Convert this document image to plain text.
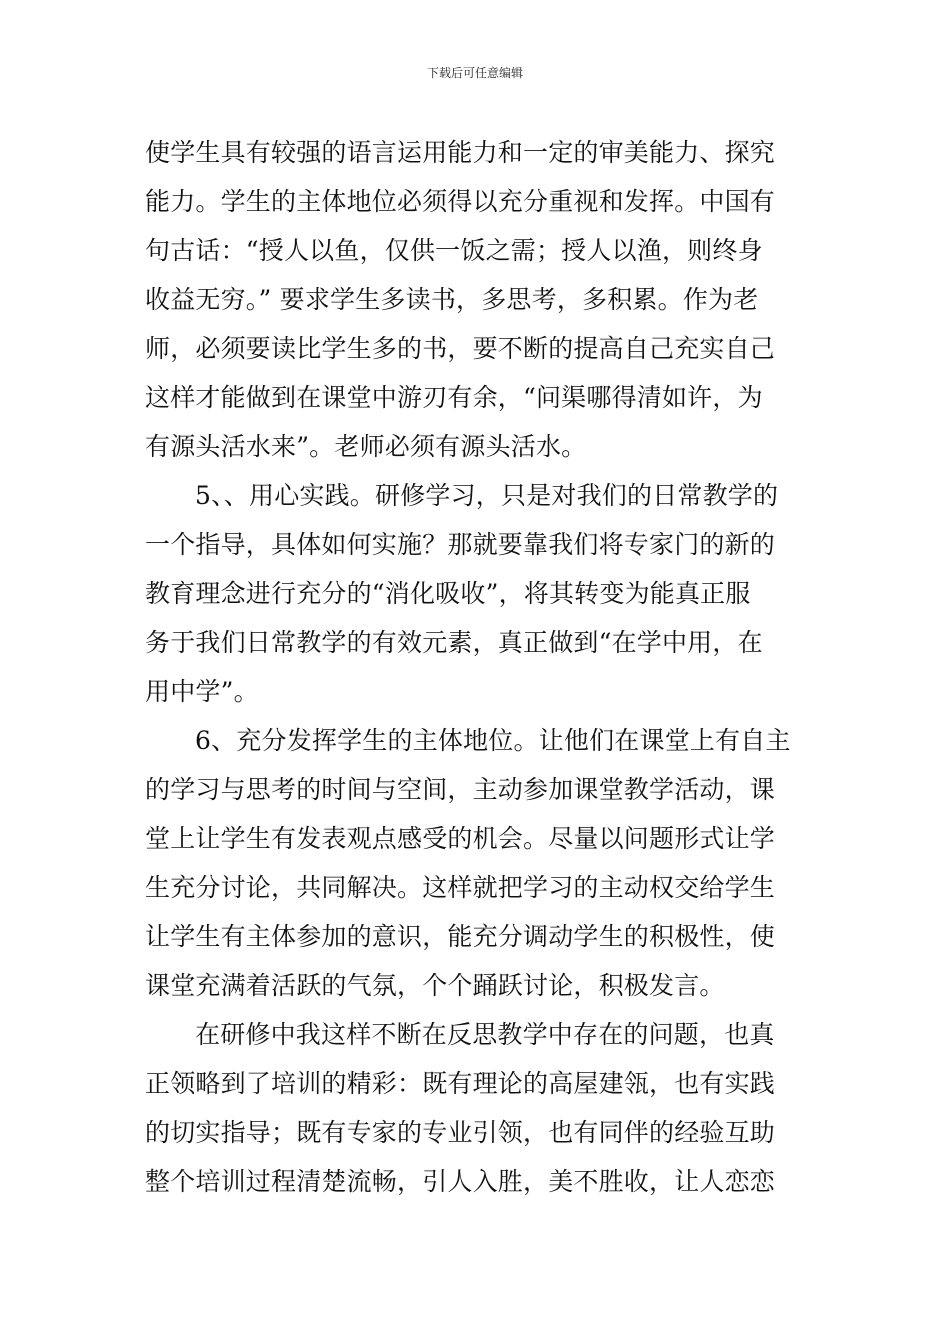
下载后可任意编辑
使学生具有较强的语言运用能力和一定的审美能力、探究
能力。学生的主体地位必须得以充分重视和发挥。中国有
句古话：“授人以鱼，仅供一饭之需；授人以渔，则终身
收益无穷。” 要求学生多读书，多思考，多积累。作为老
师，必须要读比学生多的书，要不断的提高自己充实自己
这样才能做到在课堂中游刃有余，“问渠哪得清如许，为
有源头活水来”。老师必须有源头活水。
5、、用心实践。研修学习，只是对我们的日常教学的
一个指导，具体如何实施？那就要靠我们将专家门的新的
教育理念进行充分的“消化吸收”，将其转变为能真正服
务于我们日常教学的有效元素，真正做到“在学中用，在
用中学”。
6、充分发挥学生的主体地位。让他们在课堂上有自主
的学习与思考的时间与空间，主动参加课堂教学活动，课
堂上让学生有发表观点感受的机会。尽量以问题形式让学
生充分讨论，共同解决。这样就把学习的主动权交给学生
让学生有主体参加的意识，能充分调动学生的积极性，使
课堂充满着活跃的气氛，个个踊跃讨论，积极发言。
在研修中我这样不断在反思教学中存在的问题，也真
正领略到了培训的精彩：既有理论的高屋建瓴，也有实践
的切实指导；既有专家的专业引领，也有同伴的经验互助
整个培训过程清楚流畅，引人入胜，美不胜收，让人恋恋
